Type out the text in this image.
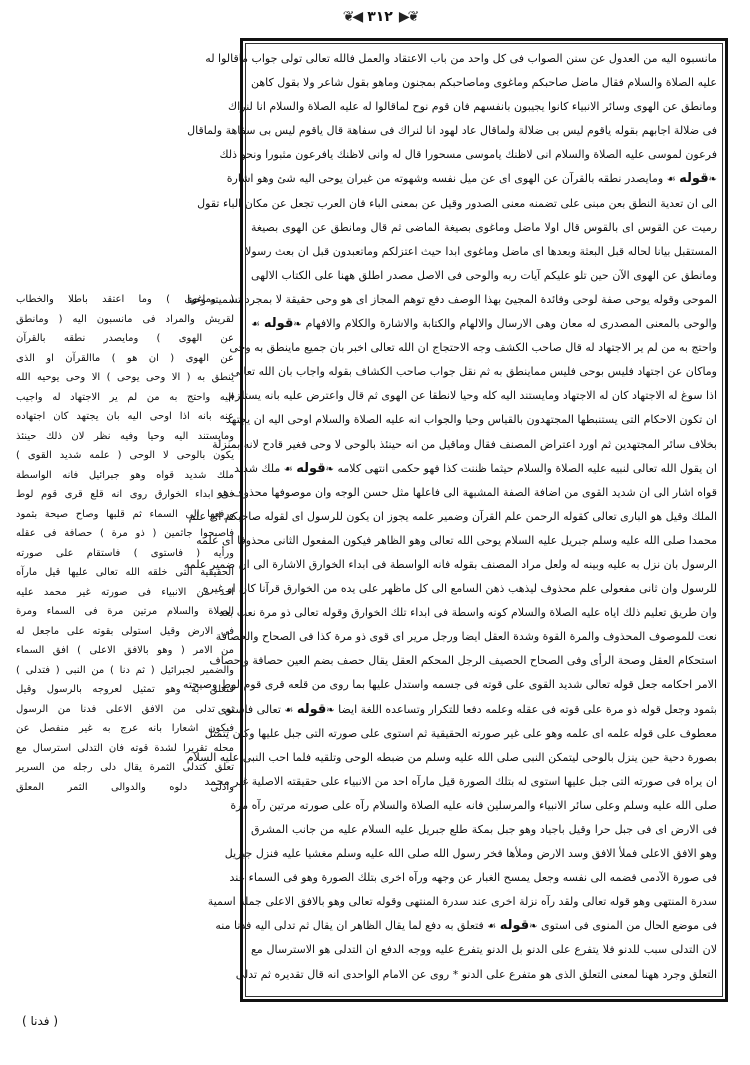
❦▶
٣١٢
◀❦
مانسبوه اليه من العدول عن سنن الصواب فى كل واحد من باب الاعتقاد والعمل فالله تعالى تولى جواب ماقالوا له
عليه الصلاة والسلام فقال ماضل صاحبكم وماغوى وماصاحبكم بمجنون وماهو بقول شاعر ولا بقول كاهن
ومانطق عن الهوى وسائر الانبياء كانوا يجيبون بانفسهم فان قوم نوح لماقالوا له عليه الصلاة والسلام انا لنراك
فى ضلالة اجابهم بقوله ياقوم ليس بى ضلالة ولماقال عاد لهود انا لنراك فى سفاهة قال ياقوم ليس بى سفاهة ولماقال
فرعون لموسى عليه الصلاة والسلام انى لاظنك ياموسى مسحورا قال له وانى لاظنك يافرعون مثبورا ونحو ذلك
❧ قوله ☙ ومايصدر نطقه بالقرآن عن الهوى اى عن ميل نفسه وشهوته من غيران يوحى اليه شئ وهو اشارة
الى ان تعدية النطق بعن مبنى على تضمنه معنى الصدور وقيل عن بمعنى الباء فان العرب تجعل عن مكان الباء تقول
رميت عن القوس اى بالقوس قال اولا ماضل وماغوى بصيغة الماضى ثم قال ومانطق عن الهوى بصيغة
المستقبل بيانا لحاله قبل البعثة وبعدها اى ماضل وماغوى ابدا حيث اعتزلكم وماتعبدون قبل ان بعث رسولا
ومانطق عن الهوى الآن حين تلو عليكم آيات ربه والوحى فى الاصل مصدر اطلق ههنا على الكتاب الالهى
الموحى وقوله يوحى صفة لوحى وفائدة المجيئ بهذا الوصف دفع توهم المجاز اى هو وحى حقيقة لا بمجرد تسميته وحيا
والوحى بالمعنى المصدرى له معان وهى الارسال والالهام والكتابة والاشارة والكلام والافهام ❧ قوله ☙
واحتج به من لم ير الاجتهاد له قال صاحب الكشف وجه الاحتجاج ان الله تعالى اخبر بان جميع ماينطق به وحى
وماكان عن اجتهاد فليس بوحى فليس مماينطق به ثم نقل جواب صاحب الكشاف بقوله واجاب بان الله تعالى
اذا سوغ له الاجتهاد كان له الاجتهاد ومايستند اليه كله وحيا لانطقا عن الهوى ثم قال واعترض عليه بانه يستلزم
ان تكون الاحكام التى يستنبطها المجتهدون بالقياس وحيا والجواب انه عليه الصلاة والسلام اوحى اليه ان يجتهد
بخلاف سائر المجتهدين ثم اورد اعتراض المصنف فقال وماقيل من انه حينئذ بالوحى لا وحى فغير قادح لانه بمنزلة
ان يقول الله تعالى لنبيه عليه الصلاة والسلام حيثما ظننت كذا فهو حكمى انتهى كلامه ❧ قوله ☙ ملك شديد
قواه اشار الى ان شديد القوى من اضافة الصفة المشبهة الى فاعلها مثل حسن الوجه وان موصوفها محذوف هو
الملك وقيل هو البارى تعالى كقوله الرحمن علم القرآن وضمير علمه يجوز ان يكون للرسول اى لقوله صاحبكم اى علم
محمدا صلى الله عليه وسلم جبريل عليه السلام يوحى الله تعالى وهو الظاهر فيكون المفعول الثانى محذوفا اى علمه
الرسول بان نزل به عليه وبينه له ولعل مراد المصنف بقوله فانه الواسطة فى ابداء الخوارق الاشارة الى ان ضمير علمه
للرسول وان ثانى مفعولى علم محذوف ليذهب ذهن السامع الى كل ماظهر على يده من الخوارق قرآنا كان او غيره
وان طريق تعليم ذلك اياه عليه الصلاة والسلام كونه واسطة فى ابداء تلك الخوارق وقوله تعالى ذو مرة نعت بعد
نعت للموصوف المحذوف والمرة القوة وشدة العقل ايضا ورجل مرير اى قوى ذو مرة كذا فى الصحاح والحصافة
استحكام العقل وصحة الرأى وفى الصحاح الحصيف الرجل المحكم العقل يقال حصف بضم العين حصافة واحصاف
الامر احكامه جعل قوله تعالى شديد القوى على قوته فى جسمه واستدل عليها بما روى من قلعه قرى قوم لوط وصيحته
بثمود وجعل قوله ذو مرة على قوته فى عقله وعلمه دفعا للتكرار وتساعده اللغة ايضا ❧ قوله ☙ تعالى فاستوى
معطوف على قوله علمه اى علمه وهو على غير صورته الحقيقية ثم استوى على صورته التى جبل عليها وكان يتمثل
بصورة دحية حين ينزل بالوحى ليتمكن النبى صلى الله عليه وسلم من ضبطه الوحى وتلقيه فلما احب النبى عليه السلام
ان يراه فى صورته التى جبل عليها استوى له بتلك الصورة قيل مارآه احد من الانبياء على حقيقته الاصلية غير محمد
صلى الله عليه وسلم وعلى سائر الانبياء والمرسلين فانه عليه الصلاة والسلام رآه على صورته مرتين رآه مرة
فى الارض اى فى جبل حرا وقيل باجياد وهو جبل بمكة طلع جبريل عليه السلام عليه من جانب المشرق
وهو الافق الاعلى فملأ الافق وسد الارض وملأها فخر رسول الله صلى الله عليه وسلم مغشيا عليه فنزل جبريل
فى صورة الآدمى فضمه الى نفسه وجعل يمسح الغبار عن وجهه ورآه اخرى بتلك الصورة وهو فى السماء عند
سدرة المنتهى وهو قوله تعالى ولقد رآه نزلة اخرى عند سدرة المنتهى وقوله تعالى وهو بالافق الاعلى جملة اسمية
فى موضع الحال من المنوى فى استوى ❧ قوله ☙ فتعلق به دفع لما يقال الظاهر ان يقال ثم تدلى اليه فدنا منه
لان التدلى سبب للدنو فلا يتفرع على الدنو بل الدنو يتفرع عليه ووجه الدفع ان التدلى هو الاسترسال مع
التعلق وجرد ههنا لمعنى التعلق الذى هو متفرع على الدنو * روى عن الامام الواحدى انه قال تقديره ثم تدلى
( وماغوى ) وما اعتقد باطلا والخطاب
لقريش والمراد فى مانسبون اليه ( ومانطق
عن الهوى ) ومايصدر نطقه بالقرآن
عن الهوى ( ان هو ) ماالقرآن او الذى
ينطق به ( الا وحى يوحى ) الا وحى يوحيه الله
اليه واحتج به من لم ير الاجتهاد له واجيب
عنه بانه اذا اوحى اليه بان يجتهد كان اجتهاده
ومايستند اليه وحيا وفيه نظر لان ذلك حينئذ
يكون بالوحى لا الوحى ( علمه شديد القوى )
ملك شديد قواه وهو جبرائيل فانه الواسطة
فى ابداء الخوارق روى انه قلع قرى قوم لوط
ورفعها الى السماء ثم قلبها وصاح صيحة بثمود
فاصبحوا جاثمين ( ذو مرة ) حصافة فى عقله
ورأيه ( فاستوى ) فاستقام على صورته
الحقيقية التى خلقه الله تعالى عليها قيل مارآه
احد من الانبياء فى صورته غير محمد عليه
الصلاة والسلام مرتين مرة فى السماء ومرة
فى الارض وقيل استولى بقوته على ماجعل له
من الامر ( وهو بالافق الاعلى ) افق السماء
والضمير لجبرائيل ( ثم دنا ) من النبى ( فتدلى )
فتعلق به وهو تمثيل لعروجه بالرسول وقيل
ثم تدلى من الافق الاعلى فدنا من الرسول
فيكون اشعارا بانه عرج به غير منفصل عن
محله تقريرا لشدة قوته فان التدلى استرسال مع
تعلق كتدلى الثمرة يقال دلى رجله من السرير
وادلى دلوه والدوالى الثمر المعلق
( فدنا )
